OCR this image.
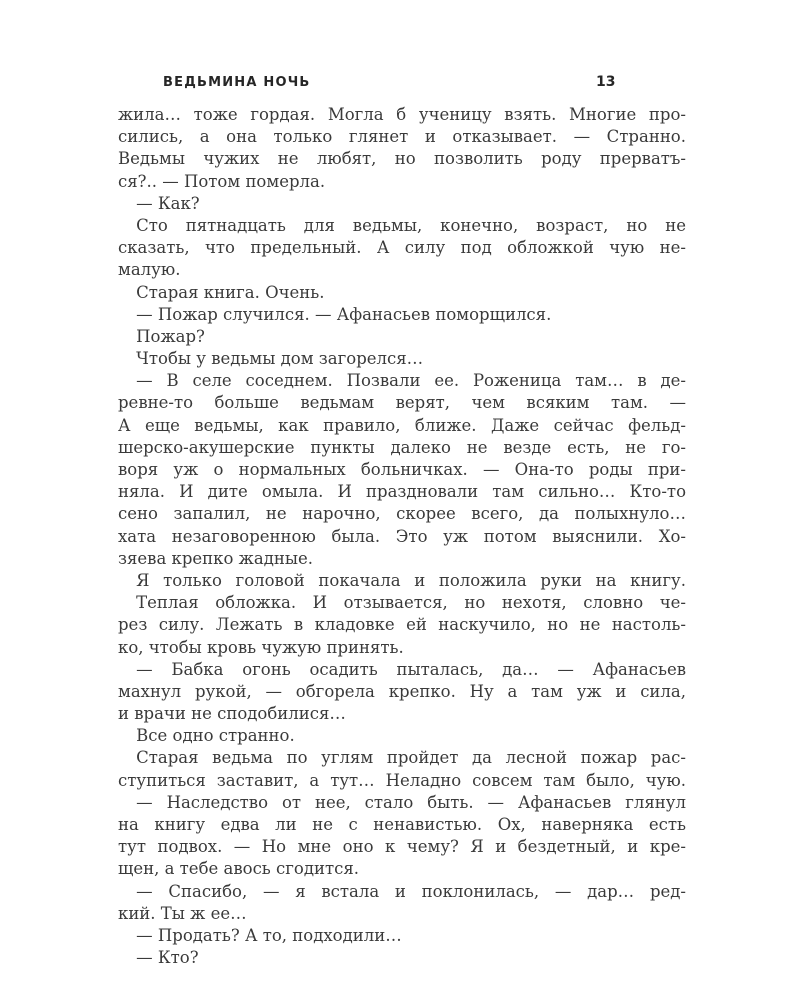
ВЕДЬМИНА НОЧЬ	13
жила… тоже гордая. Могла б ученицу взять. Многие про-
сились, а она только глянет и отказывает. — Странно.
Ведьмы чужих не любят, но позволить роду прерватъ-
ся?.. — Потом померла.
— Как?
Сто пятнадцать для ведьмы, конечно, возраст, но не
сказать, что предельный. А силу под обложкой чую не-
малую.
Старая книга. Очень.
— Пожар случился. — Афанасьев поморщился.
Пожар?
Чтобы у ведьмы дом загорелся…
— В селе соседнем. Позвали ее. Роженица там… в де-
ревне-то больше ведьмам верят, чем всяким там. —
А еще ведьмы, как правило, ближе. Даже сейчас фельд-
шерско-акушерские пункты далеко не везде есть, не го-
воря уж о нормальных больничках. — Она-то роды при-
няла. И дите омыла. И праздновали там сильно… Кто-то
сено запалил, не нарочно, скорее всего, да полыхнуло…
хата незаговоренною была. Это уж потом выяснили. Хо-
зяева крепко жадные.
Я только головой покачала и положила руки на книгу.
Теплая обложка. И отзывается, но нехотя, словно че-
рез силу. Лежать в кладовке ей наскучило, но не настоль-
ко, чтобы кровь чужую принять.
— Бабка огонь осадить пыталась, да… — Афанасьев
махнул рукой, — обгорела крепко. Ну а там уж и сила,
и врачи не сподобилися…
Все одно странно.
Старая ведьма по углям пройдет да лесной пожар рас-
ступиться заставит, а тут… Неладно совсем там было, чую.
— Наследство от нее, стало быть. — Афанасьев глянул
на книгу едва ли не с ненавистью. Ох, наверняка есть
тут подвох. — Но мне оно к чему? Я и бездетный, и кре-
щен, а тебе авось сгодится.
— Спасибо, — я встала и поклонилась, — дар… ред-
кий. Ты ж ее…
— Продать? А то, подходили…
— Кто?
